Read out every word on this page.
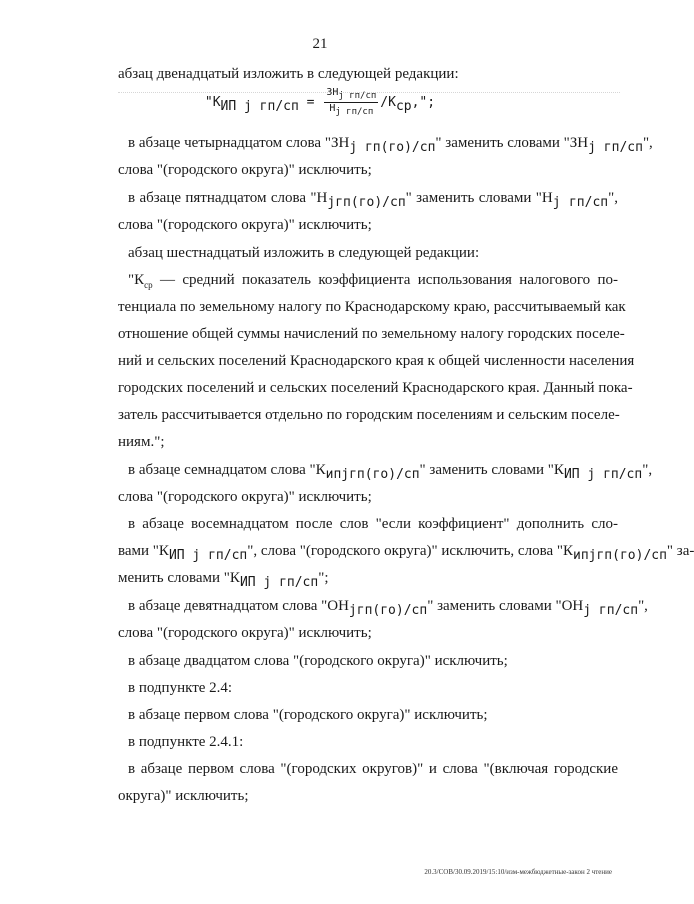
21
абзац двенадцатый изложить в следующей редакции:
"$К_{ИП j гп/сп} = \frac{ЗН_{j гп/сп}}{Н_{j гп/сп}} /К_{ср}$,";
в абзаце четырнадцатом слова "$ЗН_{j гп(го)/сп}$" заменить словами "$ЗН_{j гп/сп}$",
слова "(городского округа)" исключить;
в абзаце пятнадцатом слова "$Н_{jгп(го)/сп}$" заменить словами "$Н_{j гп/сп}$",
слова "(городского округа)" исключить;
абзац шестнадцатый изложить в следующей редакции:
"$К_{ср}$ — средний показатель коэффициента использования налогового по-
тенциала по земельному налогу по Краснодарскому краю, рассчитываемый как
отношение общей суммы начислений по земельному налогу городских поселе-
ний и сельских поселений Краснодарского края к общей численности населения
городских поселений и сельских поселений Краснодарского края. Данный пока-
затель рассчитывается отдельно по городским поселениям и сельским поселе-
ниям.";
в абзаце семнадцатом слова "$К_{ипjгп(го)/сп}$" заменить словами "$К_{ИП j гп/сп}$",
слова "(городского округа)" исключить;
в абзаце восемнадцатом после слов "если коэффициент" дополнить сло-
вами "$К_{ИП j гп/сп}$", слова "(городского округа)" исключить, слова "$К_{ипjгп(го)/сп}$" за-
менить словами "$К_{ИП j гп/сп}$";
в абзаце девятнадцатом слова "$ОН_{jгп(го)/сп}$" заменить словами "$ОН_{j гп/сп}$",
слова "(городского округа)" исключить;
в абзаце двадцатом слова "(городского округа)" исключить;
в подпункте 2.4:
в абзаце первом слова "(городского округа)" исключить;
в подпункте 2.4.1:
в абзаце первом слова "(городских округов)" и слова "(включая городские
округа)" исключить;
20.3/СОВ/30.09.2019/15:10/изм-межбюджетные-закон 2 чтение
